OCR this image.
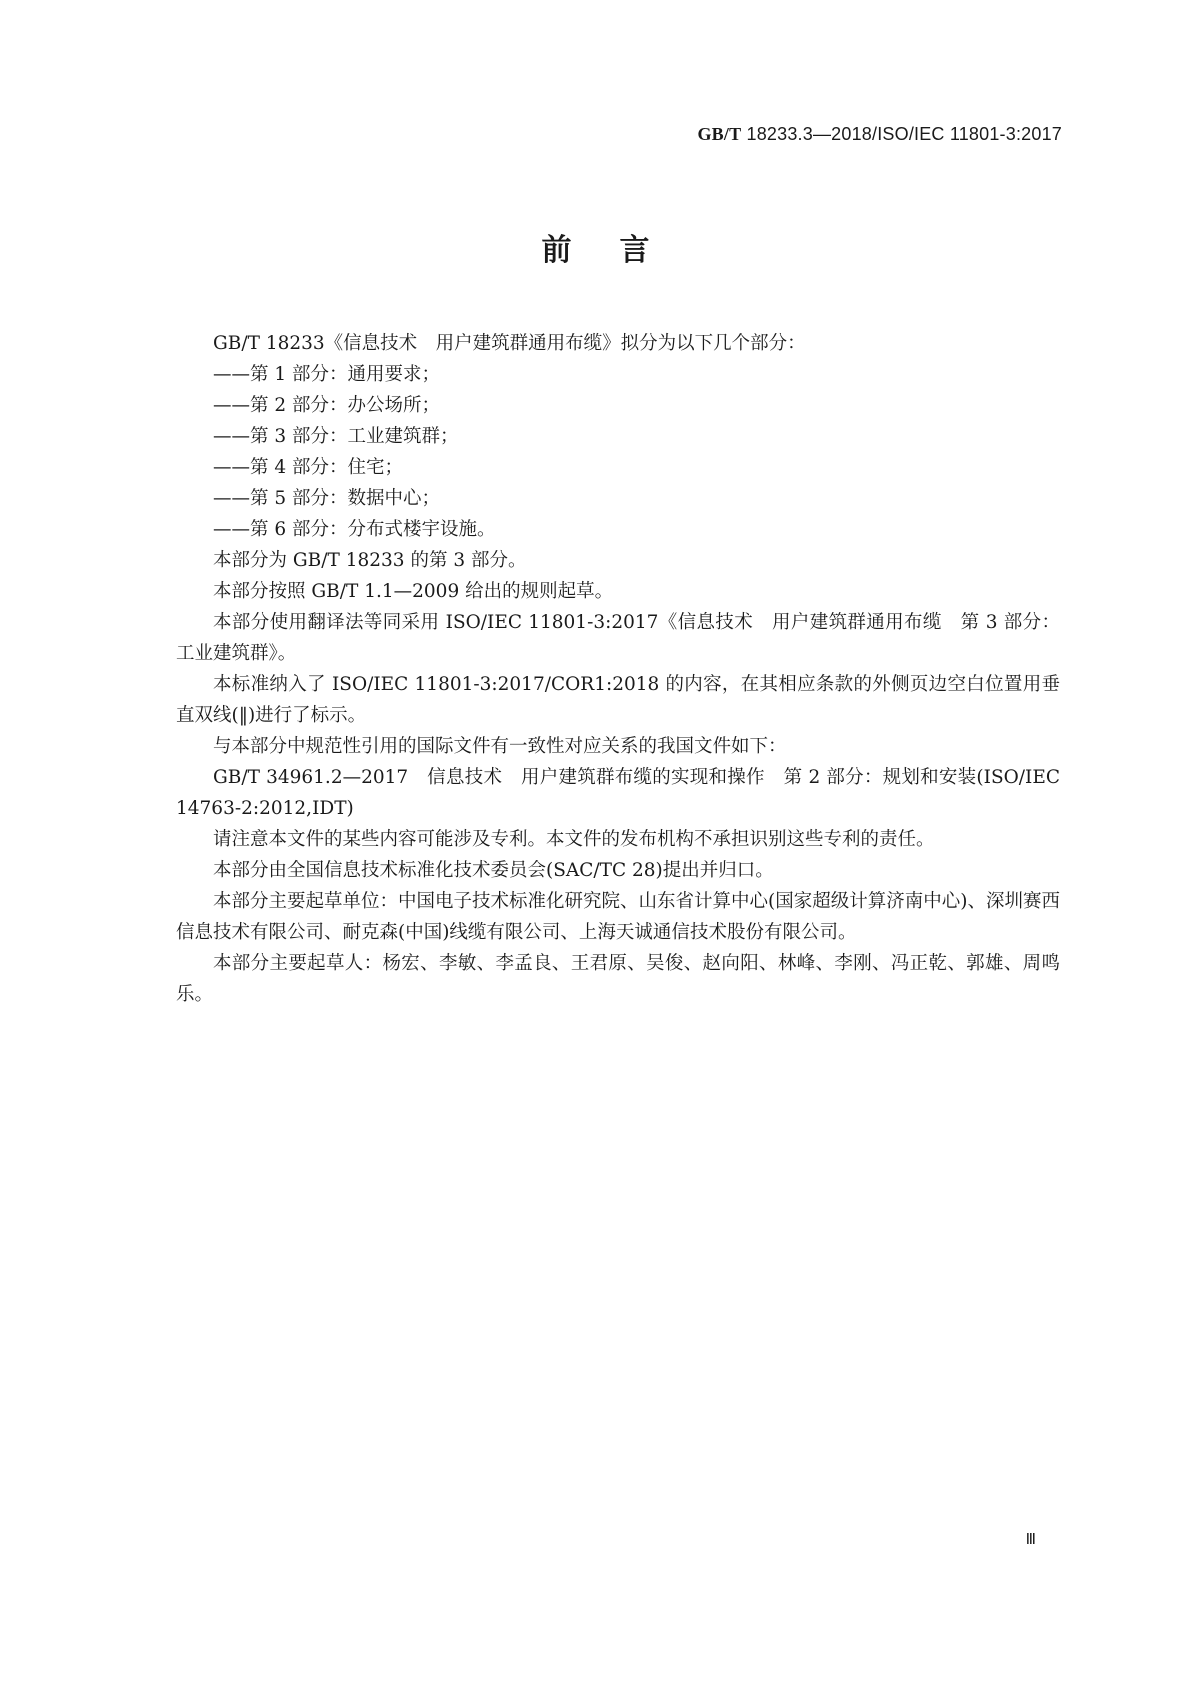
GB/T 18233.3—2018/ISO/IEC 11801-3:2017
前言

GB/T 18233《信息技术　用户建筑群通用布缆》拟分为以下几个部分：

——第 1 部分：通用要求；

——第 2 部分：办公场所；

——第 3 部分：工业建筑群；

——第 4 部分：住宅；

——第 5 部分：数据中心；

——第 6 部分：分布式楼宇设施。

本部分为 GB/T 18233 的第 3 部分。

本部分按照 GB/T 1.1—2009 给出的规则起草。

本部分使用翻译法等同采用 ISO/IEC 11801-3:2017《信息技术　用户建筑群通用布缆　第 3 部分：工业建筑群》。

本标准纳入了 ISO/IEC 11801-3:2017/COR1:2018 的内容，在其相应条款的外侧页边空白位置用垂直双线(‖)进行了标示。

与本部分中规范性引用的国际文件有一致性对应关系的我国文件如下：

GB/T 34961.2—2017　信息技术　用户建筑群布缆的实现和操作　第 2 部分：规划和安装(ISO/IEC 14763-2:2012,IDT)

请注意本文件的某些内容可能涉及专利。本文件的发布机构不承担识别这些专利的责任。

本部分由全国信息技术标准化技术委员会(SAC/TC 28)提出并归口。

本部分主要起草单位：中国电子技术标准化研究院、山东省计算中心(国家超级计算济南中心)、深圳赛西信息技术有限公司、耐克森(中国)线缆有限公司、上海天诚通信技术股份有限公司。

本部分主要起草人：杨宏、李敏、李孟良、王君原、吴俊、赵向阳、林峰、李刚、冯正乾、郭雄、周鸣乐。

Ⅲ
